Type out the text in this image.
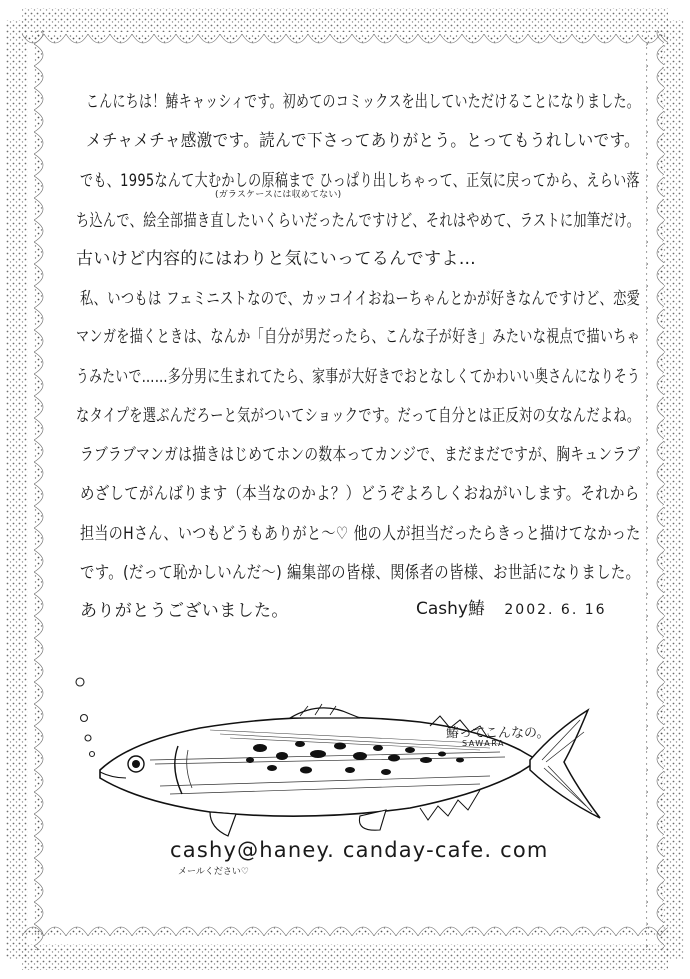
こんにちは！鰆キャッシィです。初めてのコミックスを出していただけることになりました。
メチャメチャ感激です。読んで下さってありがとう。とってもうれしいです。
でも、1995なんて大むかしの原稿まで ひっぱり出しちゃって、正気に戻ってから、えらい落
(ガラスケースには収めてない)
ち込んで、絵全部描き直したいくらいだったんですけど、それはやめて、ラストに加筆だけ。
古いけど内容的にはわりと気にいってるんですよ…
私、いつもは フェミニストなので、カッコイイおねーちゃんとかが好きなんですけど、恋愛
マンガを描くときは、なんか「自分が男だったら、こんな子が好き」みたいな視点で描いちゃ
うみたいで……多分男に生まれてたら、家事が大好きでおとなしくてかわいい奥さんになりそう
なタイプを選ぶんだろーと気がついてショックです。だって自分とは正反対の女なんだよね。
ラブラブマンガは描きはじめてホンの数本ってカンジで、まだまだですが、胸キュンラブ
めざしてがんばります（本当なのかよ？）どうぞよろしくおねがいします。それから
担当のHさん、いつもどうもありがと〜♡ 他の人が担当だったらきっと描けてなかった
です。(だって恥かしいんだ〜) 編集部の皆様、関係者の皆様、お世話になりました。
ありがとうございました。	Cashy鰆 2002. 6. 16
鰆ってこんなの。
SAWARA
cashy@haney. canday-cafe. com
メールください♡
